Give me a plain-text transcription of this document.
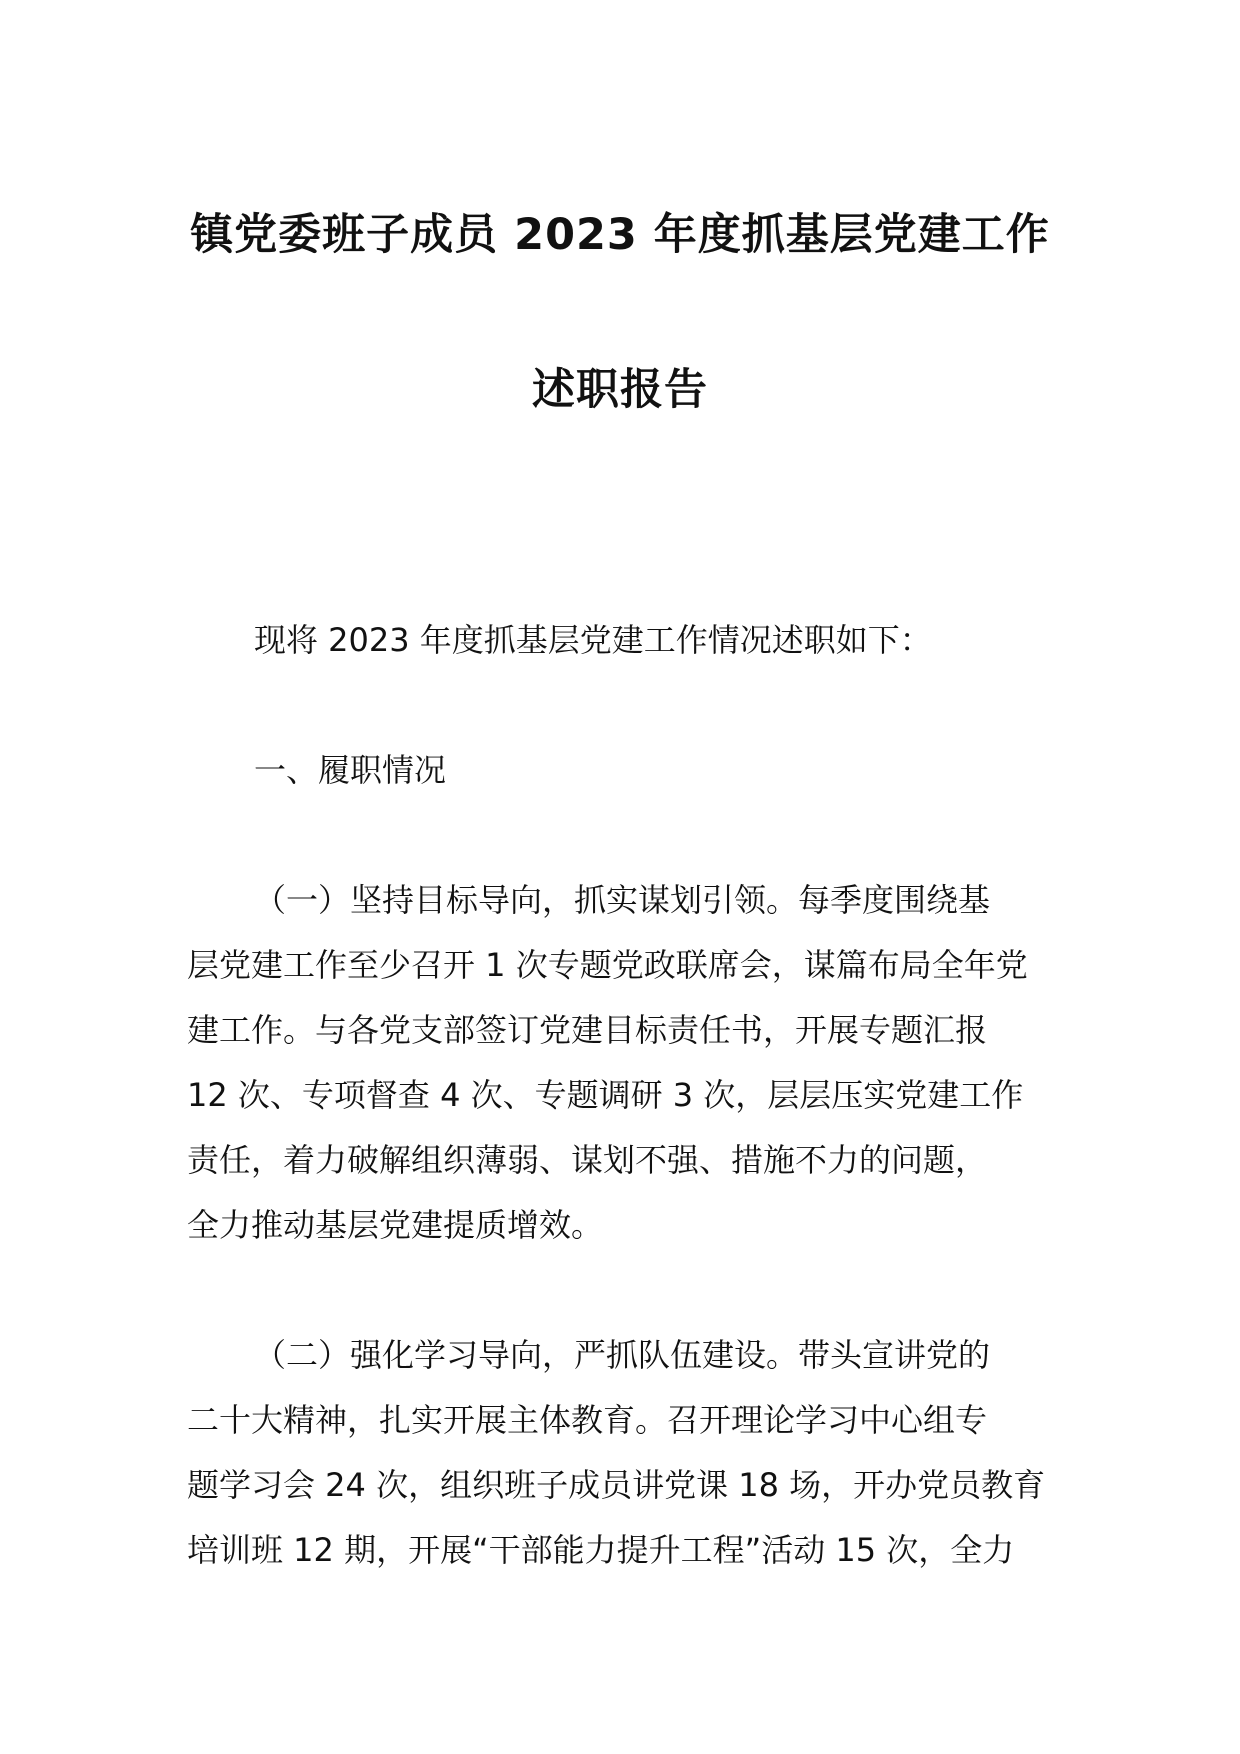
镇党委班子成员 2023 年度抓基层党建工作
述职报告
现将 2023 年度抓基层党建工作情况述职如下：
一、履职情况
（一）坚持目标导向，抓实谋划引领。每季度围绕基
层党建工作至少召开 1 次专题党政联席会，谋篇布局全年党
建工作。与各党支部签订党建目标责任书，开展专题汇报
12 次、专项督查 4 次、专题调研 3 次，层层压实党建工作
责任，着力破解组织薄弱、谋划不强、措施不力的问题，
全力推动基层党建提质增效。
（二）强化学习导向，严抓队伍建设。带头宣讲党的
二十大精神，扎实开展主体教育。召开理论学习中心组专
题学习会 24 次，组织班子成员讲党课 18 场，开办党员教育
培训班 12 期，开展“干部能力提升工程”活动 15 次，全力
